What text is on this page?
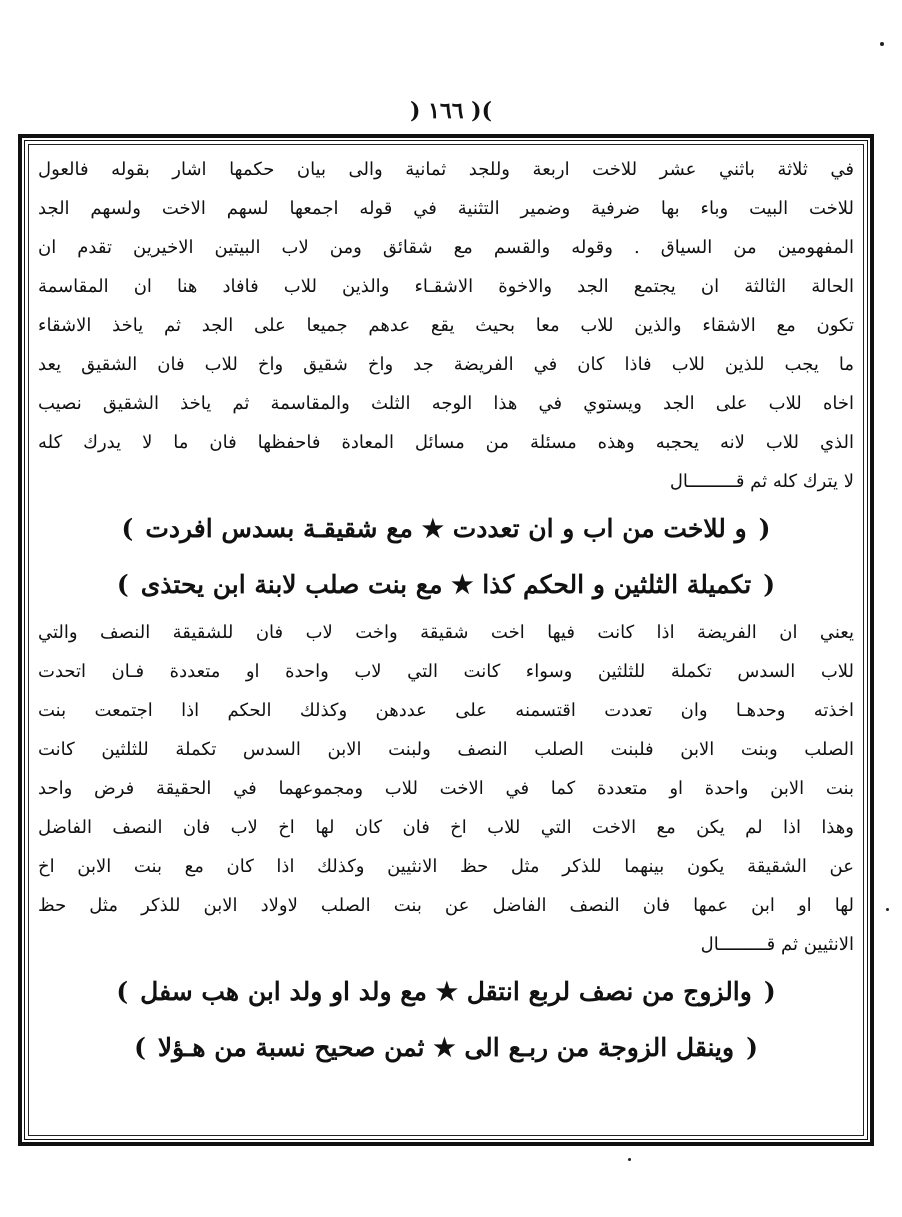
)( ١٦٦ (
في ثلاثة باثني عشر للاخت اربعة وللجد ثمانية والى بيان حكمها اشار بقوله فالعول
للاخت البيت وباء بها ضرفية وضمير التثنية في قوله اجمعها لسهم الاخت ولسهم الجد
المفهومين من السياق . وقوله والقسم مع شقائق ومن لاب البيتين الاخيرين تقدم ان
الحالة الثالثة ان يجتمع الجد والاخوة الاشقـاء والذين للاب فافاد هنا ان المقاسمة
تكون مع الاشقاء والذين للاب معا بحيث يقع عدهم جميعا على الجد ثم ياخذ الاشقاء
ما يجب للذين للاب فاذا كان في الفريضة جد واخ شقيق واخ للاب فان الشقيق يعد
اخاه للاب على الجد ويستوي في هذا الوجه الثلث والمقاسمة ثم ياخذ الشقيق نصيب
الذي للاب لانه يحجبه وهذه مسئلة من مسائل المعادة فاحفظها فان ما لا يدرك كله
لا يترك كله ثم قـــــــــال
(و للاخت من اب و ان تعددت ★ مع شقيقـة بسدس افردت)
(تكميلة الثلثين و الحكم كذا ★ مع بنت صلب لابنة ابن يحتذى)
يعني ان الفريضة اذا كانت فيها اخت شقيقة واخت لاب فان للشقيقة النصف والتي
للاب السدس تكملة للثلثين وسواء كانت التي لاب واحدة او متعددة فـان اتحدت
اخذته وحدهـا وان تعددت اقتسمنه على عددهن وكذلك الحكم اذا اجتمعت بنت
الصلب وبنت الابن فلبنت الصلب النصف ولبنت الابن السدس تكملة للثلثين كانت
بنت الابن واحدة او متعددة كما في الاخت للاب ومجموعهما في الحقيقة فرض واحد
وهذا اذا لم يكن مع الاخت التي للاب اخ فان كان لها اخ لاب فان النصف الفاضل
عن الشقيقة يكون بينهما للذكر مثل حظ الانثيين وكذلك اذا كان مع بنت الابن اخ
لها او ابن عمها فان النصف الفاضل عن بنت الصلب لاولاد الابن للذكر مثل حظ
الانثيين ثم قـــــــــال
(والزوج من نصف لربع انتقل ★ مع ولد او ولد ابن هب سفل)
(وينقل الزوجة من ربـع الى ★ ثمن صحيح نسبة من هـؤلا)
